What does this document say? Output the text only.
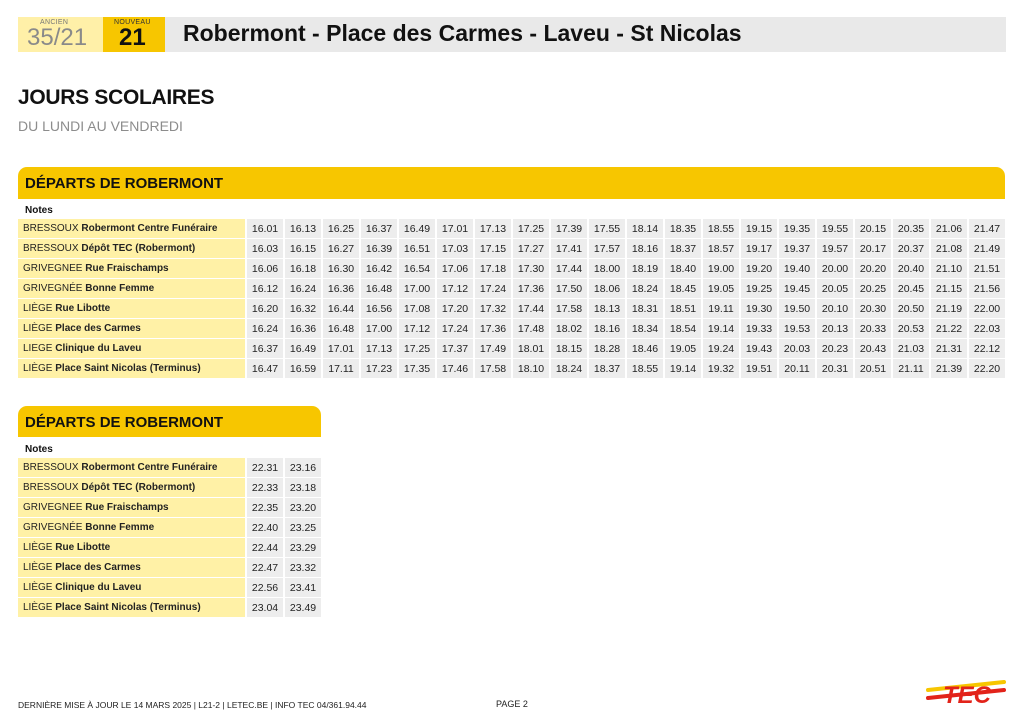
ANCIEN
35/21
NOUVEAU
21 Robermont - Place des Carmes - Laveu - St Nicolas
JOURS SCOLAIRES
DU LUNDI AU VENDREDI
DÉPARTS DE ROBERMONT
Notes
BRESSOUX Robermont Centre Funéraire	16.01	16.13	16.25	16.37	16.49	17.01	17.13	17.25	17.39	17.55	18.14	18.35	18.55	19.15	19.35	19.55	20.15	20.35	21.06	21.47
BRESSOUX Dépôt TEC (Robermont)	16.03	16.15	16.27	16.39	16.51	17.03	17.15	17.27	17.41	17.57	18.16	18.37	18.57	19.17	19.37	19.57	20.17	20.37	21.08	21.49
GRIVEGNEE Rue Fraischamps	16.06	16.18	16.30	16.42	16.54	17.06	17.18	17.30	17.44	18.00	18.19	18.40	19.00	19.20	19.40	20.00	20.20	20.40	21.10	21.51
GRIVEGNÉE Bonne Femme	16.12	16.24	16.36	16.48	17.00	17.12	17.24	17.36	17.50	18.06	18.24	18.45	19.05	19.25	19.45	20.05	20.25	20.45	21.15	21.56
LIÈGE Rue Libotte	16.20	16.32	16.44	16.56	17.08	17.20	17.32	17.44	17.58	18.13	18.31	18.51	19.11	19.30	19.50	20.10	20.30	20.50	21.19	22.00
LIÈGE Place des Carmes	16.24	16.36	16.48	17.00	17.12	17.24	17.36	17.48	18.02	18.16	18.34	18.54	19.14	19.33	19.53	20.13	20.33	20.53	21.22	22.03
LIEGE Clinique du Laveu	16.37	16.49	17.01	17.13	17.25	17.37	17.49	18.01	18.15	18.28	18.46	19.05	19.24	19.43	20.03	20.23	20.43	21.03	21.31	22.12
LIÈGE Place Saint Nicolas (Terminus)	16.47	16.59	17.11	17.23	17.35	17.46	17.58	18.10	18.24	18.37	18.55	19.14	19.32	19.51	20.11	20.31	20.51	21.11	21.39	22.20
DÉPARTS DE ROBERMONT
Notes
BRESSOUX Robermont Centre Funéraire	22.31	23.16
BRESSOUX Dépôt TEC (Robermont)	22.33	23.18
GRIVEGNEE Rue Fraischamps	22.35	23.20
GRIVEGNÉE Bonne Femme	22.40	23.25
LIÈGE Rue Libotte	22.44	23.29
LIÈGE Place des Carmes	22.47	23.32
LIÈGE Clinique du Laveu	22.56	23.41
LIÈGE Place Saint Nicolas (Terminus)	23.04	23.49
DERNIÈRE MISE À JOUR LE 14 MARS 2025 | L21-2 | LETEC.BE | INFO TEC 04/361.94.44	PAGE 2	TEC
